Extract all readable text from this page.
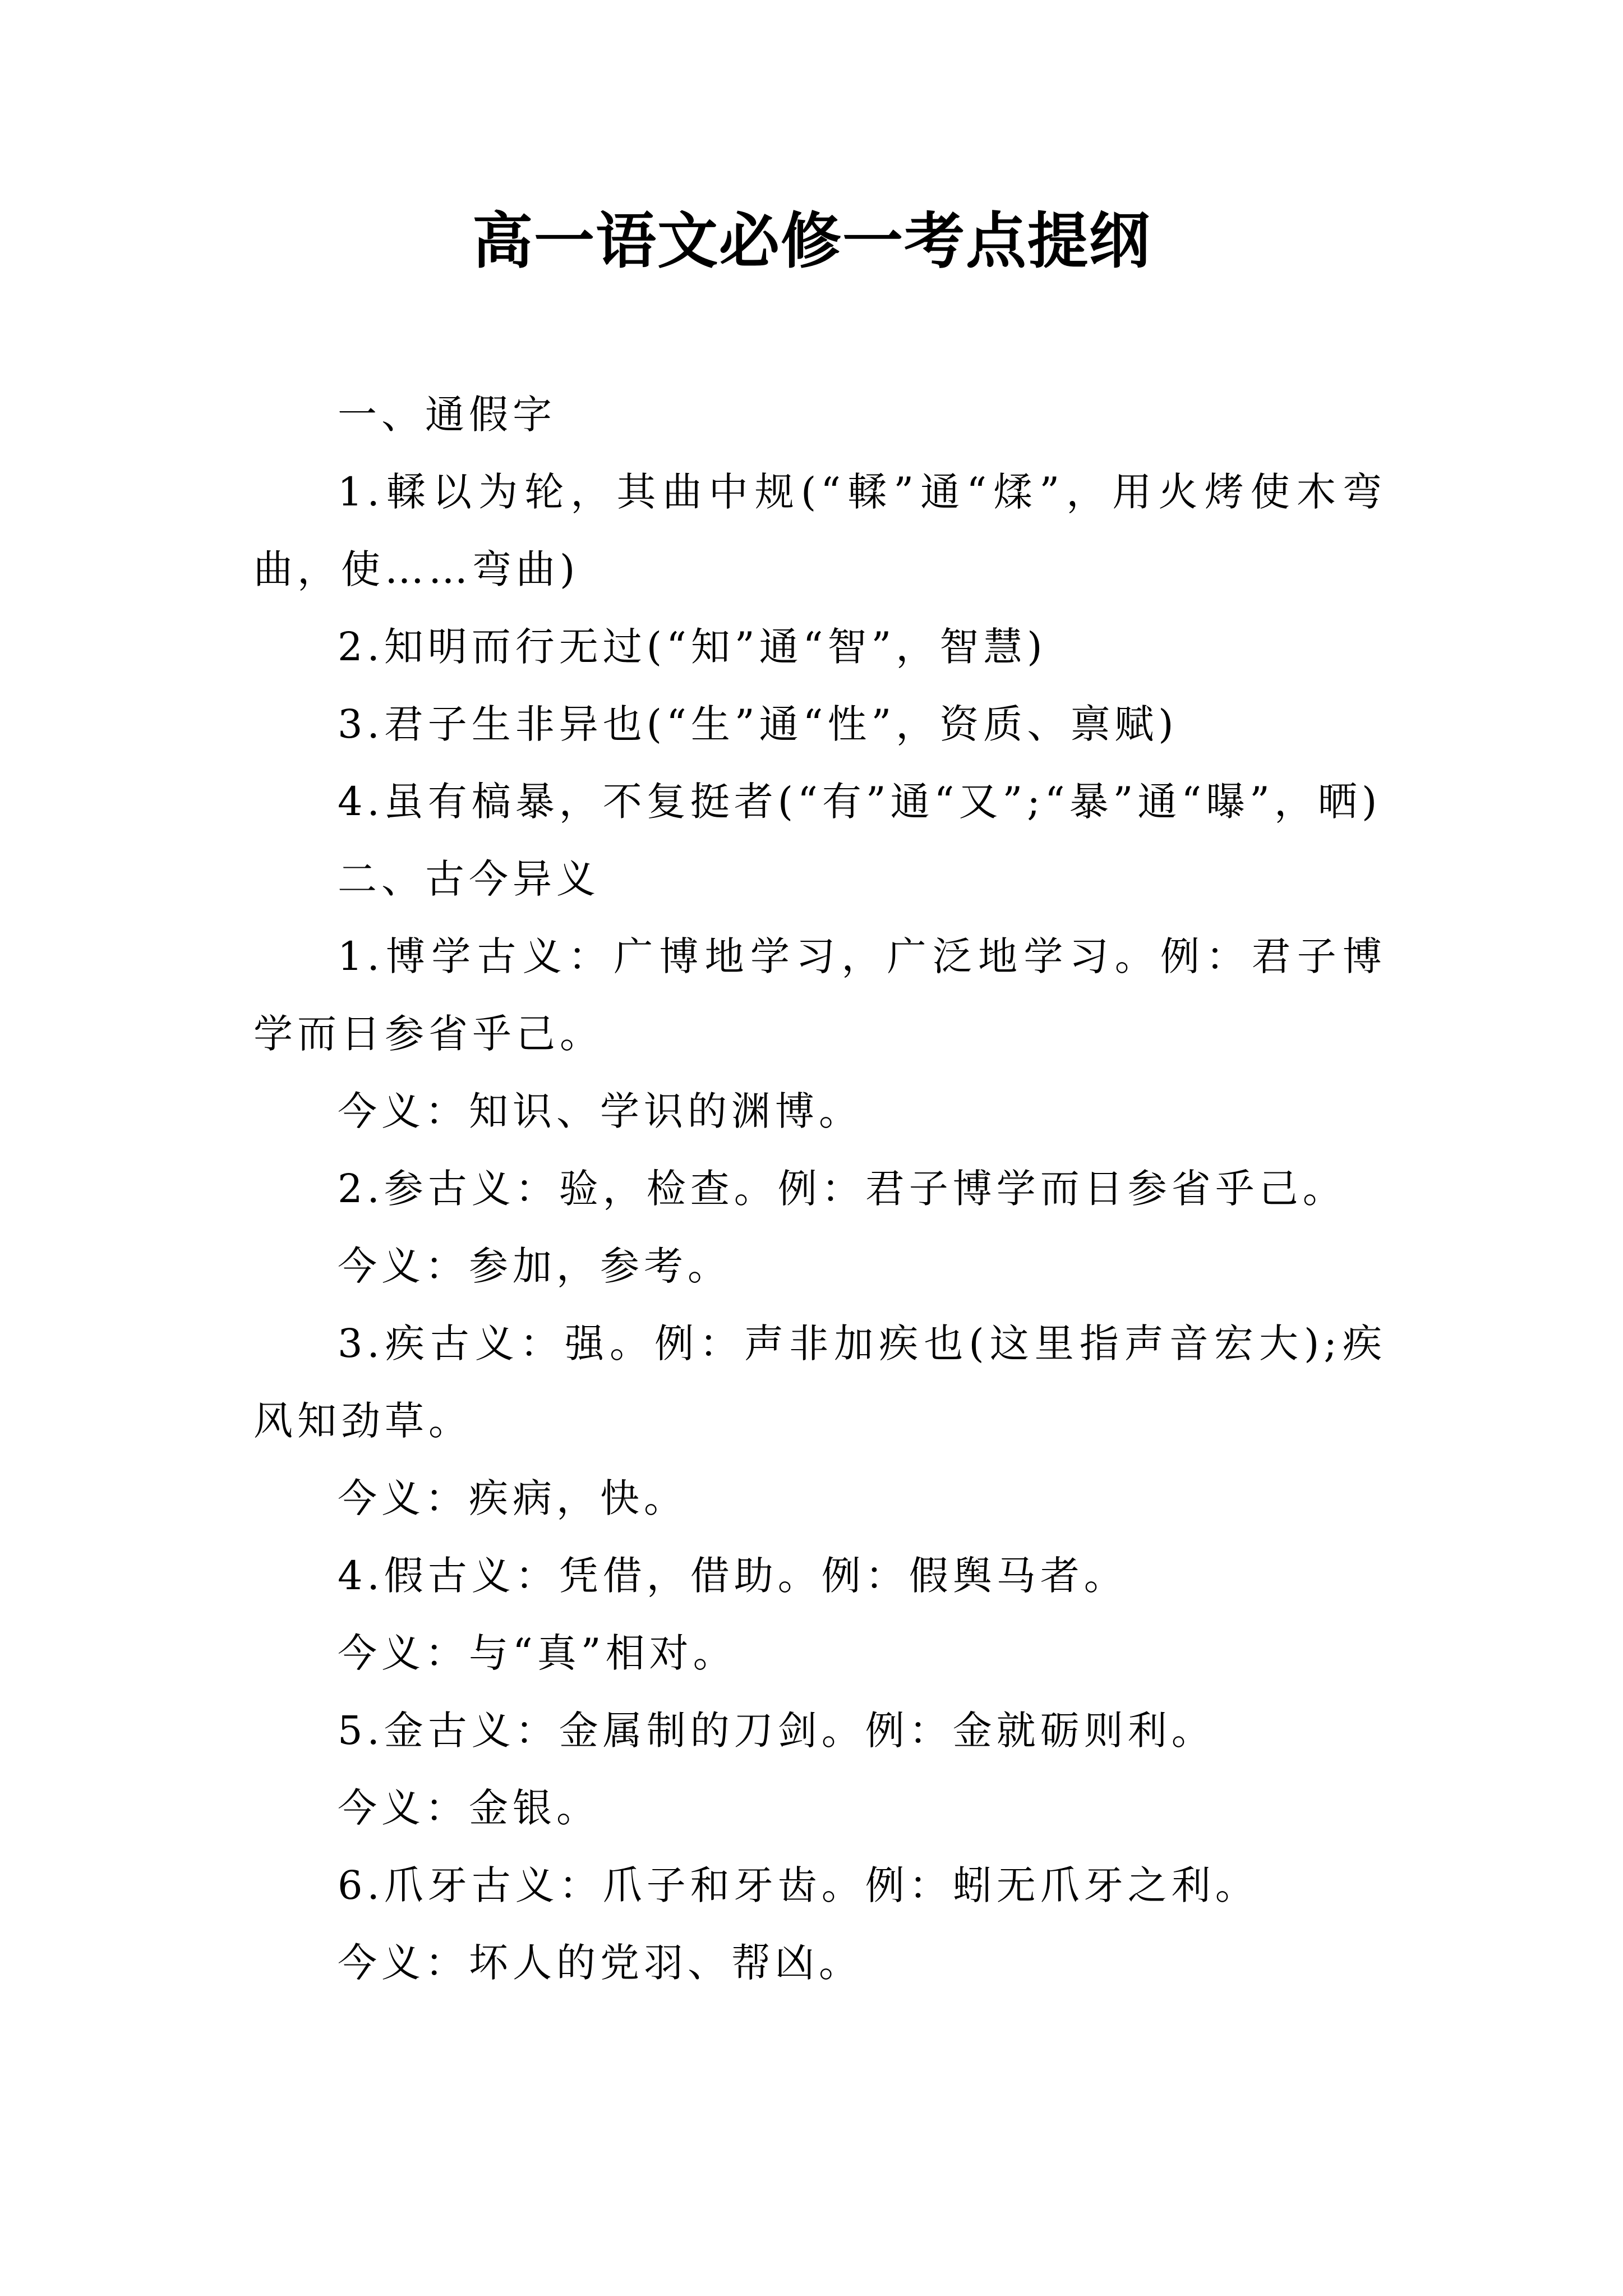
高一语文必修一考点提纲

一、通假字

1.輮以为轮，其曲中规(“輮”通“煣”，用火烤使木弯曲，使……弯曲)

2.知明而行无过(“知”通“智”，智慧)

3.君子生非异也(“生”通“性”，资质、禀赋)

4.虽有槁暴，不复挺者(“有”通“又”;“暴”通“曝”，晒)

二、古今异义

1.博学古义：广博地学习，广泛地学习。例：君子博学而日参省乎己。

今义：知识、学识的渊博。

2.参古义：验，检查。例：君子博学而日参省乎己。

今义：参加，参考。

3.疾古义：强。例：声非加疾也(这里指声音宏大);疾风知劲草。

今义：疾病，快。

4.假古义：凭借，借助。例：假舆马者。

今义：与“真”相对。

5.金古义：金属制的刀剑。例：金就砺则利。

今义：金银。

6.爪牙古义：爪子和牙齿。例：蚓无爪牙之利。

今义：坏人的党羽、帮凶。
